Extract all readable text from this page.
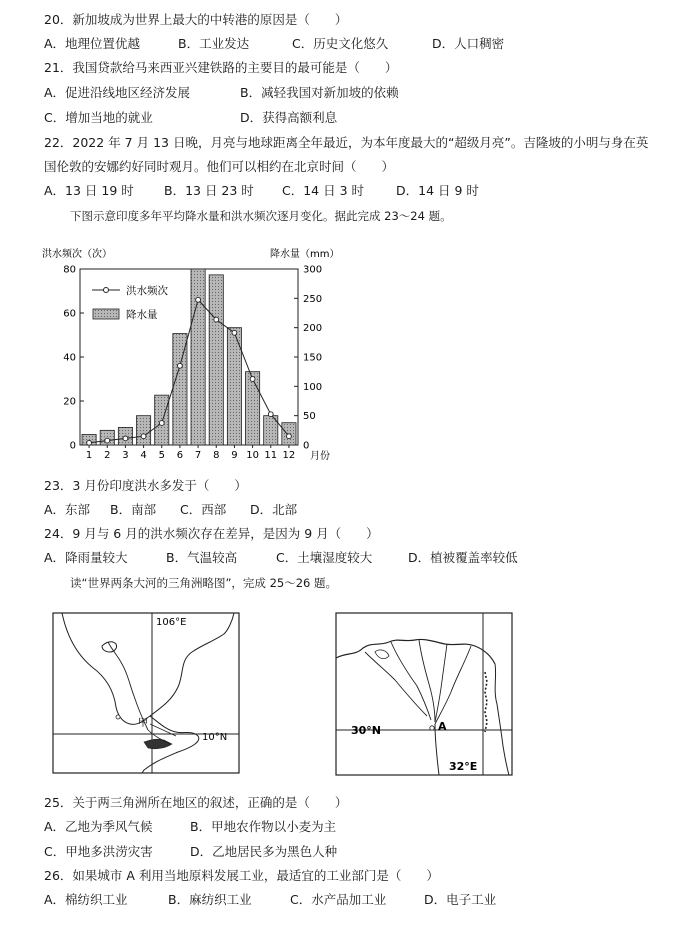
20．新加坡成为世界上最大的中转港的原因是（　　）
A．地理位置优越	B．工业发达	C．历史文化悠久	D．人口稠密
21．我国贷款给马来西亚兴建铁路的主要目的最可能是（　　）
A．促进沿线地区经济发展	B．减轻我国对新加坡的依赖
C．增加当地的就业	D．获得高额利息
22．2022 年 7 月 13 日晚，月亮与地球距离全年最近，为本年度最大的“超级月亮”。吉隆坡的小明与身在英
国伦敦的安娜约好同时观月。他们可以相约在北京时间（　　）
A．13 日 19 时 B．13 日 23 时 C．14 日 3 时	D．14 日 9 时
下图示意印度多年平均降水量和洪水频次逐月变化。据此完成 23～24 题。
0
20
40
60
80
0
50
100
150
200
250
300
1 2 3 4 5 6 7 8 9 10 11 12
洪水频次（次）	降水量（mm）
月份
洪水频次
降水量
23．3 月份印度洪水多发于（　　）
A．东部 B．南部 C．西部 D．北部
24．9 月与 6 月的洪水频次存在差异，是因为 9 月（　　）
A．降雨量较大	B．气温较高	C．土壤湿度较大	D．植被覆盖率较低
读“世界两条大河的三角洲略图”，完成 25～26 题。
106°E
10°N
甲	A
30°N
32°E
25．关于两三角洲所在地区的叙述，正确的是（　　）
A．乙地为季风气候	B．甲地农作物以小麦为主
C．甲地多洪涝灾害	D．乙地居民多为黑色人种
26．如果城市 A 利用当地原料发展工业，最适宜的工业部门是（　　）
A．棉纺织工业	B．麻纺织工业	C．水产品加工业	D．电子工业
